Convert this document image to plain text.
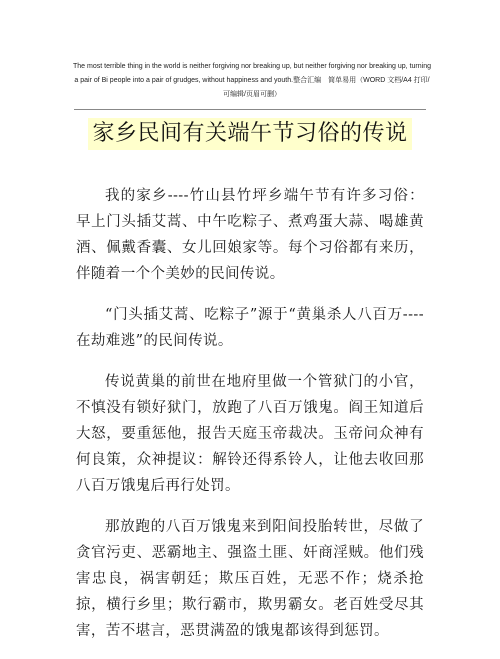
The most terrible thing in the world is neither forgiving nor breaking up, but neither forgiving nor breaking up, turning a pair of Bi people into a pair of grudges, without happiness and youth.整合汇编　简单易用（WORD 文档/A4 打印/可编辑/页眉可删）
家乡民间有关端午节习俗的传说

我的家乡----竹山县竹坪乡端午节有许多习俗：早上门头插艾蒿、中午吃粽子、煮鸡蛋大蒜、喝雄黄酒、佩戴香囊、女儿回娘家等。每个习俗都有来历，伴随着一个个美妙的民间传说。

“门头插艾蒿、吃粽子”源于“黄巢杀人八百万----在劫难逃”的民间传说。

传说黄巢的前世在地府里做一个管狱门的小官，不慎没有锁好狱门，放跑了八百万饿鬼。阎王知道后大怒，要重惩他，报告天庭玉帝裁决。玉帝问众神有何良策，众神提议：解铃还得系铃人，让他去收回那八百万饿鬼后再行处罚。

那放跑的八百万饿鬼来到阳间投胎转世，尽做了贪官污吏、恶霸地主、强盗土匪、奸商淫贼。他们残害忠良，祸害朝廷；欺压百姓，无恶不作；烧杀抢掠，横行乡里；欺行霸市，欺男霸女。老百姓受尽其害，苦不堪言，恶贯满盈的饿鬼都该得到惩罚。
